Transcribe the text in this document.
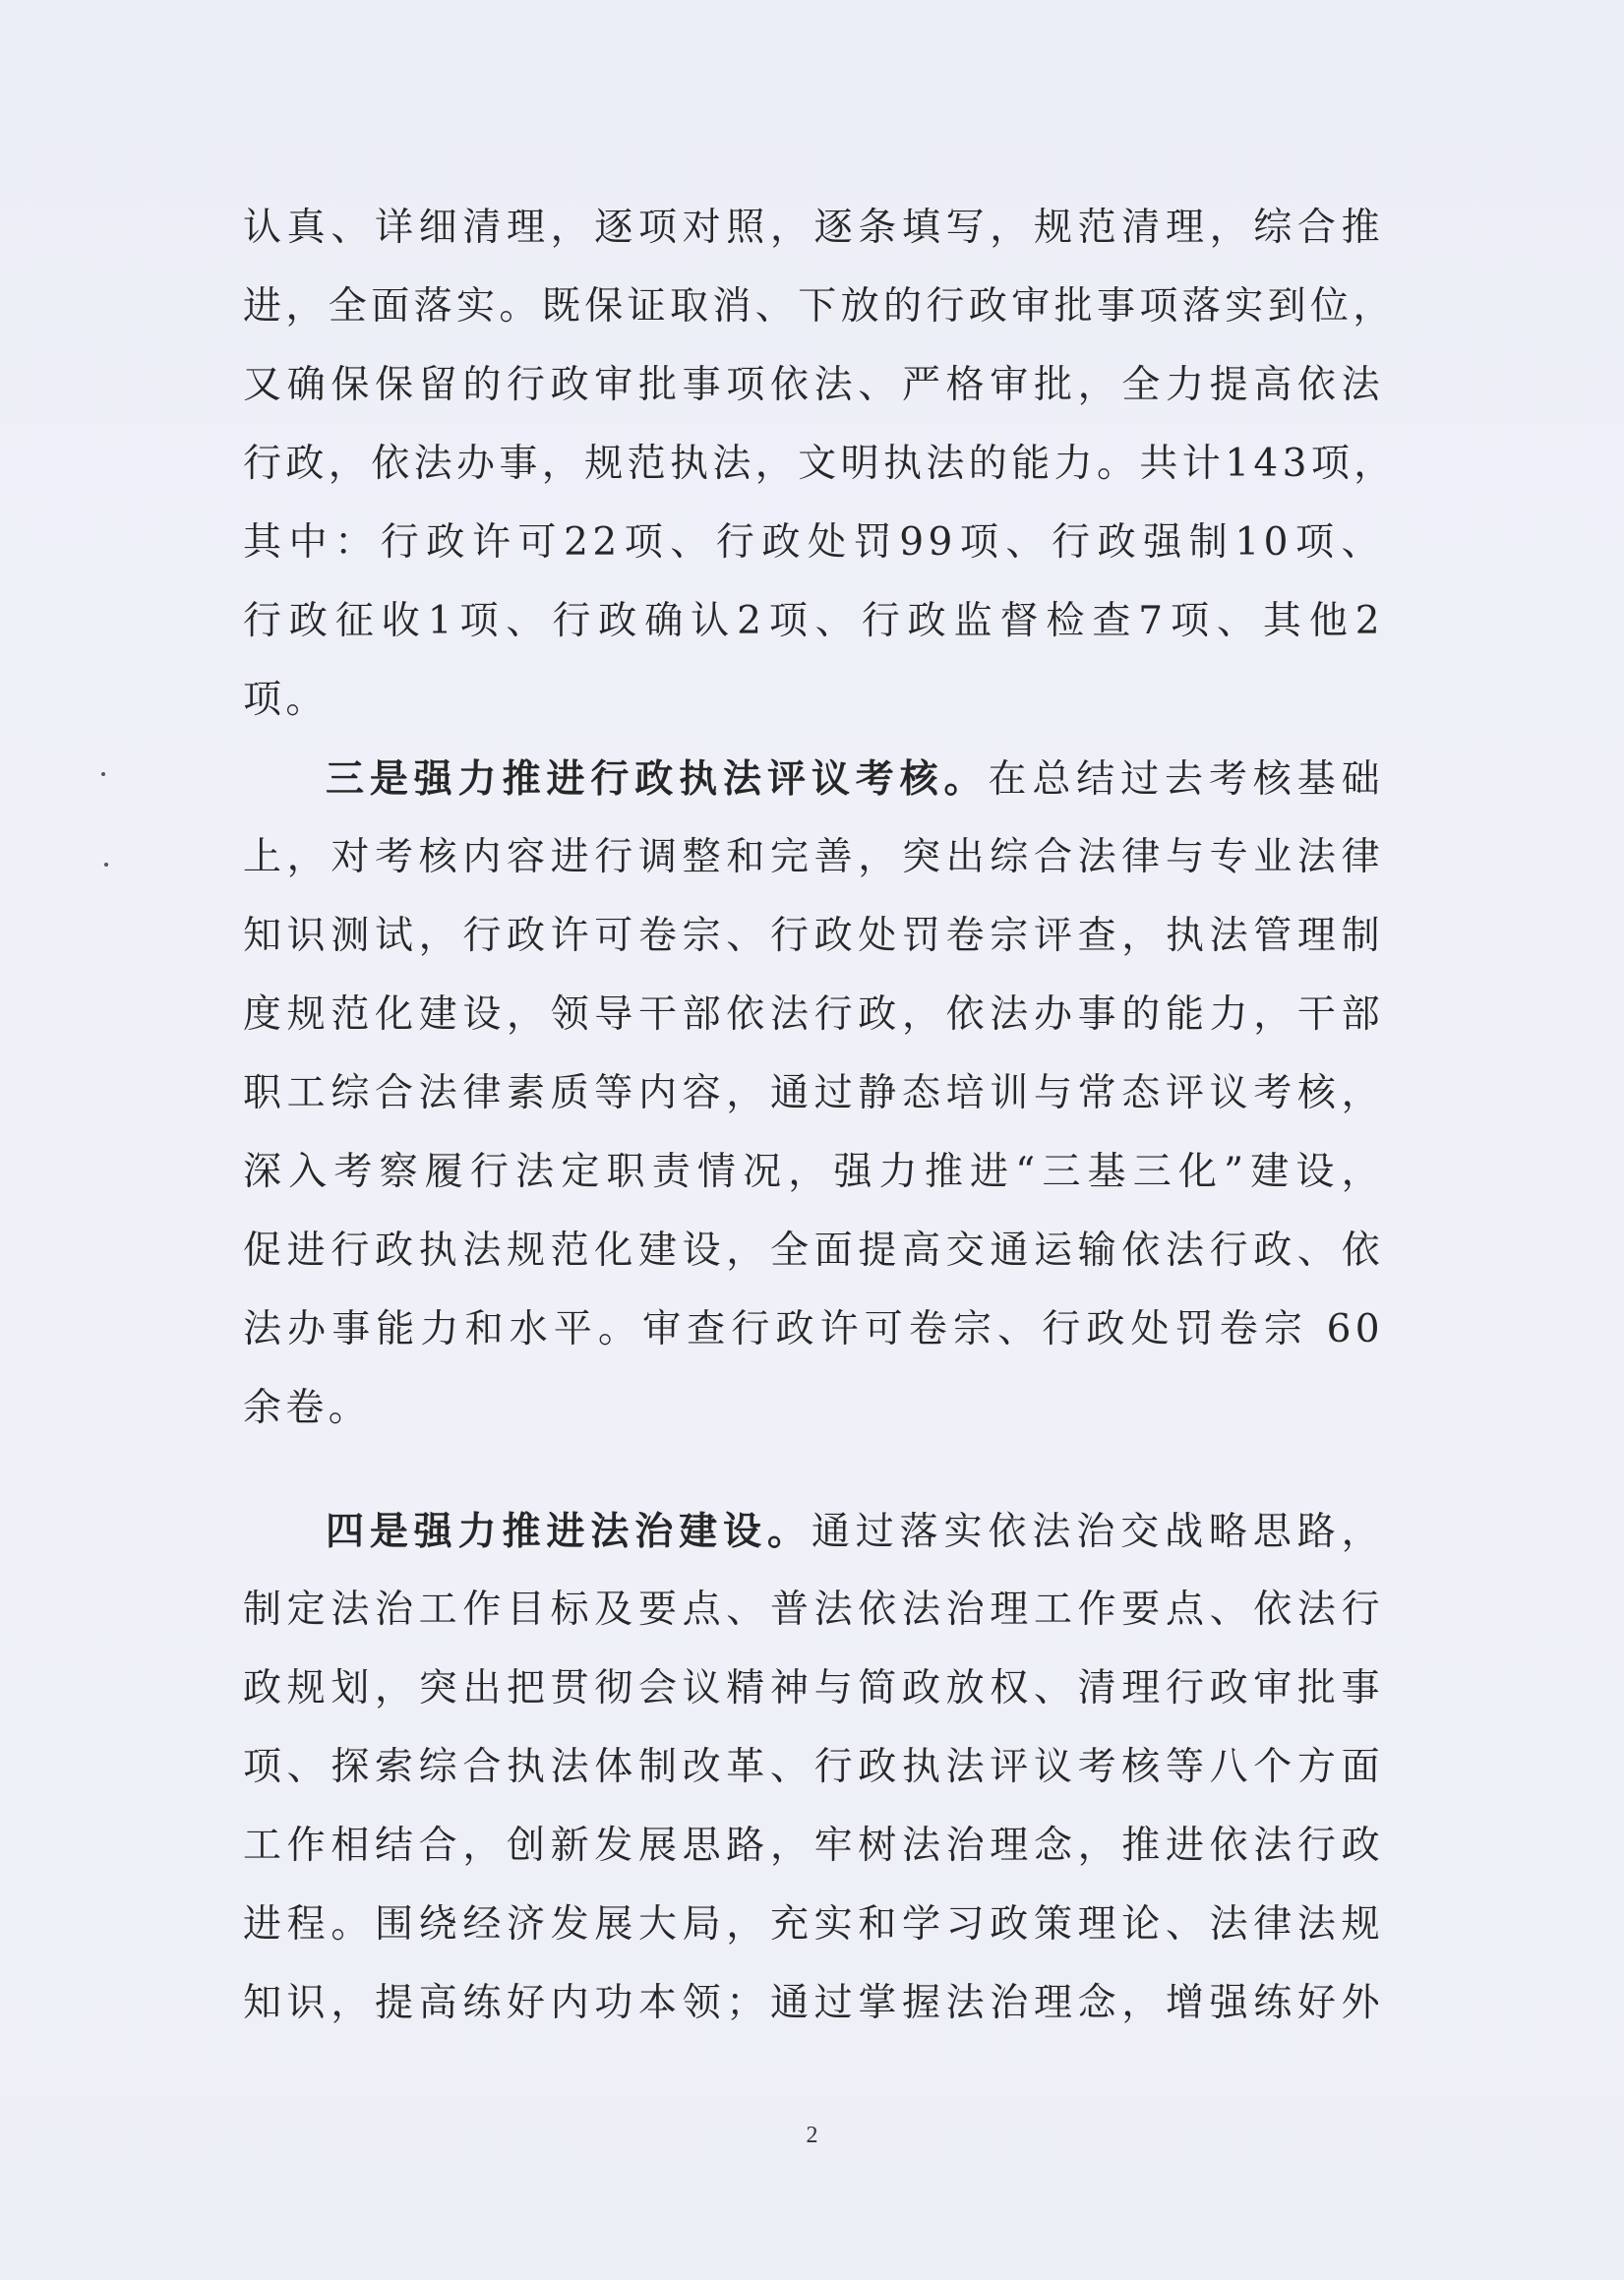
认真、详细清理，逐项对照，逐条填写，规范清理，综合推
进，全面落实。既保证取消、下放的行政审批事项落实到位，
又确保保留的行政审批事项依法、严格审批，全力提高依法
行政，依法办事，规范执法，文明执法的能力。共计143项，
其中：行政许可22项、行政处罚99项、行政强制10项、
行政征收1项、行政确认2项、行政监督检查7项、其他2
项。
三是强力推进行政执法评议考核。在总结过去考核基础
上，对考核内容进行调整和完善，突出综合法律与专业法律
知识测试，行政许可卷宗、行政处罚卷宗评查，执法管理制
度规范化建设，领导干部依法行政，依法办事的能力，干部
职工综合法律素质等内容，通过静态培训与常态评议考核，
深入考察履行法定职责情况，强力推进“三基三化”建设，
促进行政执法规范化建设，全面提高交通运输依法行政、依
法办事能力和水平。审查行政许可卷宗、行政处罚卷宗 60
余卷。
四是强力推进法治建设。通过落实依法治交战略思路，
制定法治工作目标及要点、普法依法治理工作要点、依法行
政规划，突出把贯彻会议精神与简政放权、清理行政审批事
项、探索综合执法体制改革、行政执法评议考核等八个方面
工作相结合，创新发展思路，牢树法治理念，推进依法行政
进程。围绕经济发展大局，充实和学习政策理论、法律法规
知识，提高练好内功本领；通过掌握法治理念，增强练好外
2
